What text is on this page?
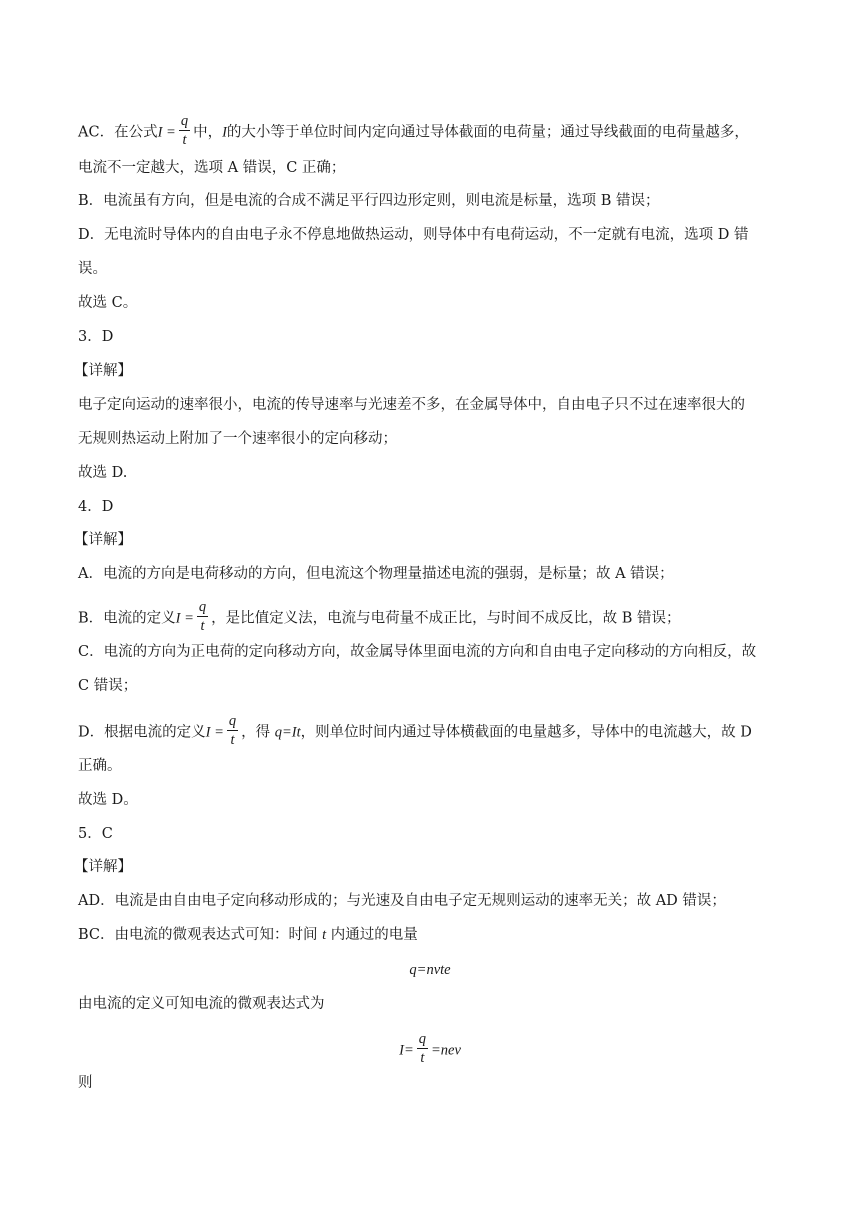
AC．在公式$I = \frac{q}{t}$ 中，I的大小等于单位时间内定向通过导体截面的电荷量；通过导线截面的电荷量越多，
电流不一定越大，选项 A 错误，C 正确；
B．电流虽有方向，但是电流的合成不满足平行四边形定则，则电流是标量，选项 B 错误；
D．无电流时导体内的自由电子永不停息地做热运动，则导体中有电荷运动，不一定就有电流，选项 D 错
误。
故选 C。
3．D
【详解】
电子定向运动的速率很小，电流的传导速率与光速差不多，在金属导体中，自由电子只不过在速率很大的
无规则热运动上附加了一个速率很小的定向移动；
故选 D.
4．D
【详解】
A．电流的方向是电荷移动的方向，但电流这个物理量描述电流的强弱，是标量；故 A 错误；
B．电流的定义$I = \frac{q}{t}$ ，是比值定义法，电流与电荷量不成正比，与时间不成反比，故 B 错误；
C．电流的方向为正电荷的定向移动方向，故金属导体里面电流的方向和自由电子定向移动的方向相反，故
C 错误；
D．根据电流的定义$I = \frac{q}{t}$ ，得 q=It，则单位时间内通过导体横截面的电量越多，导体中的电流越大，故 D
正确。
故选 D。
5．C
【详解】
AD．电流是由自由电子定向移动形成的；与光速及自由电子定无规则运动的速率无关；故 AD 错误；
BC．由电流的微观表达式可知：时间 t 内通过的电量
q=nvte
由电流的定义可知电流的微观表达式为
$I= \frac{q}{t} =nev$
则
